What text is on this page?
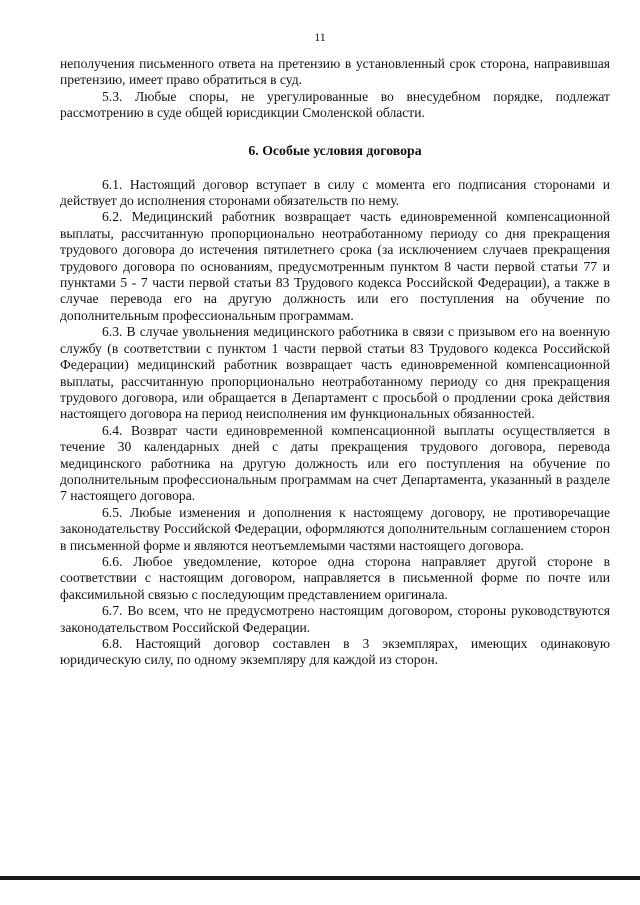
11

неполучения письменного ответа на претензию в установленный срок сторона, направившая претензию, имеет право обратиться в суд.

5.3. Любые споры, не урегулированные во внесудебном порядке, подлежат рассмотрению в суде общей юрисдикции Смоленской области.

6. Особые условия договора

6.1. Настоящий договор вступает в силу с момента его подписания сторонами и действует до исполнения сторонами обязательств по нему.

6.2. Медицинский работник возвращает часть единовременной компенсационной выплаты, рассчитанную пропорционально неотработанному периоду со дня прекращения трудового договора до истечения пятилетнего срока (за исключением случаев прекращения трудового договора по основаниям, предусмотренным пунктом 8 части первой статьи 77 и пунктами 5 - 7 части первой статьи 83 Трудового кодекса Российской Федерации), а также в случае перевода его на другую должность или его поступления на обучение по дополнительным профессиональным программам.

6.3. В случае увольнения медицинского работника в связи с призывом его на военную службу (в соответствии с пунктом 1 части первой статьи 83 Трудового кодекса Российской Федерации) медицинский работник возвращает часть единовременной компенсационной выплаты, рассчитанную пропорционально неотработанному периоду со дня прекращения трудового договора, или обращается в Департамент с просьбой о продлении срока действия настоящего договора на период неисполнения им функциональных обязанностей.

6.4. Возврат части единовременной компенсационной выплаты осуществляется в течение 30 календарных дней с даты прекращения трудового договора, перевода медицинского работника на другую должность или его поступления на обучение по дополнительным профессиональным программам на счет Департамента, указанный в разделе 7 настоящего договора.

6.5. Любые изменения и дополнения к настоящему договору, не противоречащие законодательству Российской Федерации, оформляются дополнительным соглашением сторон в письменной форме и являются неотъемлемыми частями настоящего договора.

6.6. Любое уведомление, которое одна сторона направляет другой стороне в соответствии с настоящим договором, направляется в письменной форме по почте или факсимильной связью с последующим представлением оригинала.

6.7. Во всем, что не предусмотрено настоящим договором, стороны руководствуются законодательством Российской Федерации.

6.8. Настоящий договор составлен в 3 экземплярах, имеющих одинаковую юридическую силу, по одному экземпляру для каждой из сторон.
